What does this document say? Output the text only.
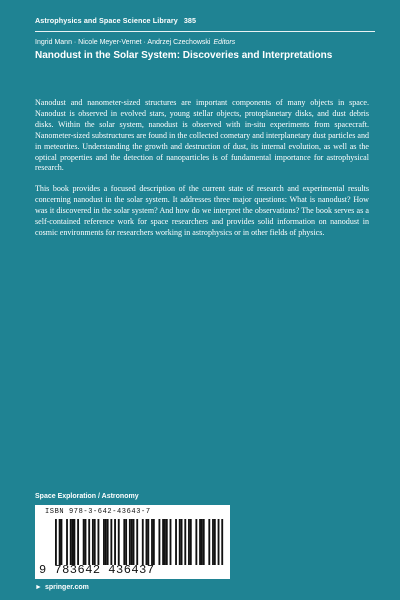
Astrophysics and Space Science Library 385
Ingrid Mann · Nicole Meyer-Vernet · Andrzej Czechowski Editors
Nanodust in the Solar System: Discoveries and Interpretations

Nanodust and nanometer-sized structures are important components of many objects in space. Nanodust is observed in evolved stars, young stellar objects, protoplanetary disks, and dust debris disks. Within the solar system, nanodust is observed with in-situ experiments from spacecraft. Nanometer-sized substructures are found in the collected cometary and interplanetary dust particles and in meteorites. Understanding the growth and destruction of dust, its internal evolution, as well as the optical properties and the detection of nanoparticles is of fundamental importance for astrophysical research.

This book provides a focused description of the current state of research and experimental results concerning nanodust in the solar system. It addresses three major questions: What is nanodust? How was it discovered in the solar system? And how do we interpret the observations? The book serves as a self-contained reference work for space researchers and provides solid information on nanodust in cosmic environments for researchers working in astrophysics or in other fields of physics.

Space Exploration / Astronomy
ISBN 978-3-642-43643-7
9 783642 436437
► springer.com
